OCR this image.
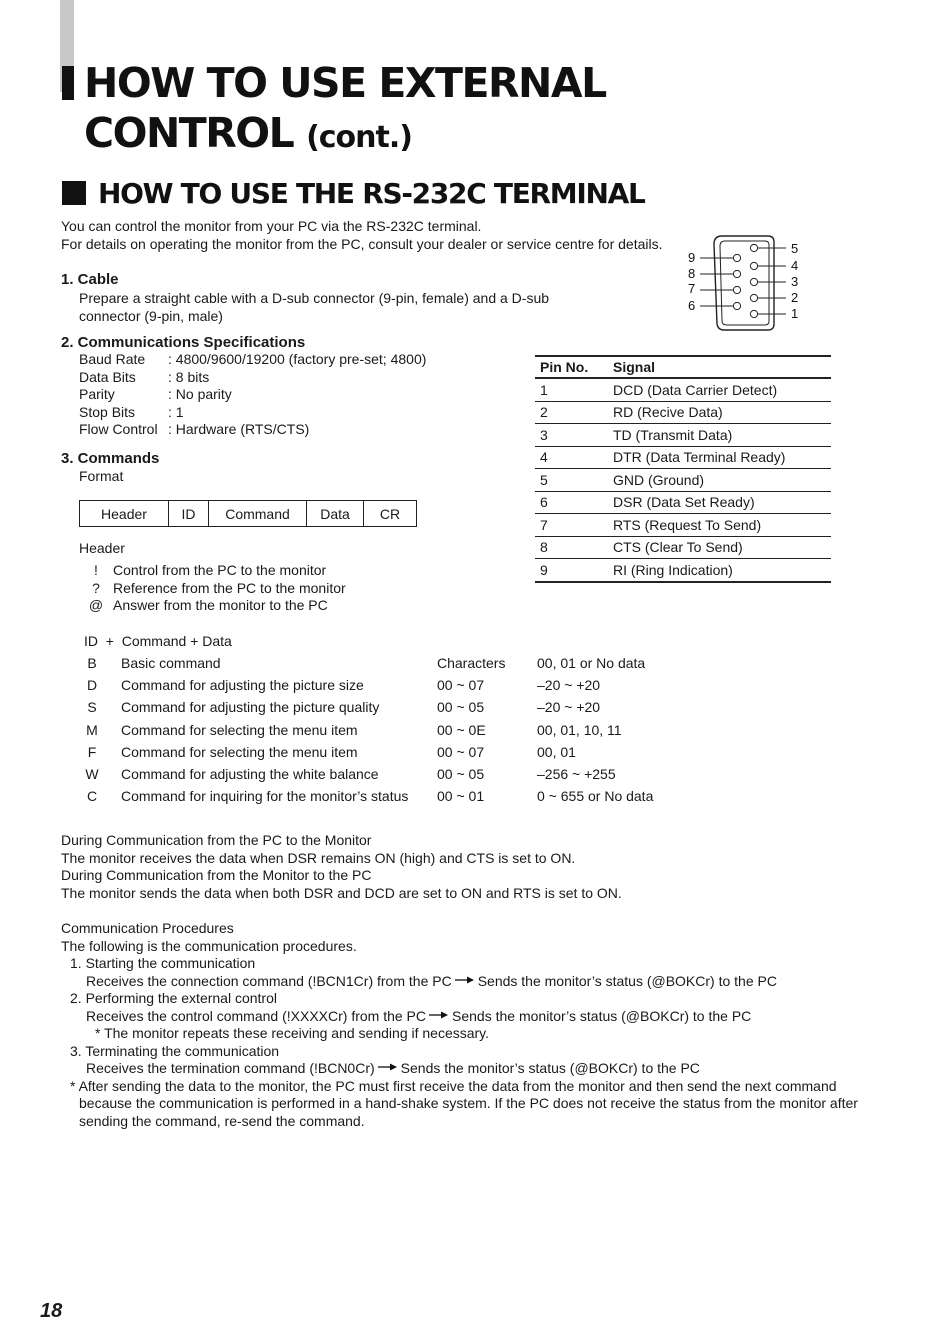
HOW TO USE EXTERNAL
CONTROL (cont.)
HOW TO USE THE RS-232C TERMINAL
You can control the monitor from your PC via the RS-232C terminal.
For details on operating the monitor from the PC, consult your dealer or service centre for details.
1. Cable
Prepare a straight cable with a D-sub connector (9-pin, female) and a D-sub
connector (9-pin, male)
2. Communications Specifications
Baud Rate	: 4800/9600/19200 (factory pre-set; 4800)
Data Bits	: 8 bits
Parity	: No parity
Stop Bits	: 1
Flow Control	: Hardware (RTS/CTS)
3. Commands
Format
Header	ID	Command	Data	CR
Header
! Control from the PC to the monitor
? Reference from the PC to the monitor
@ Answer from the monitor to the PC
9
8
7
6
5
4
3
2
1
Pin No.	Signal
1	DCD (Data Carrier Detect)
2	RD (Recive Data)
3	TD (Transmit Data)
4	DTR (Data Terminal Ready)
5	GND (Ground)
6	DSR (Data Set Ready)
7	RTS (Request To Send)
8	CTS (Clear To Send)
9	RI (Ring Indication)
ID  +  Command + Data
B		Basic command	Characters	00, 01 or No data
D		Command for adjusting the picture size	00 ~ 07	–20 ~ +20
S		Command for adjusting the picture quality	00 ~ 05	–20 ~ +20
M		Command for selecting the menu item	00 ~ 0E	00, 01, 10, 11
F		Command for selecting the menu item	00 ~ 07	00, 01
W		Command for adjusting the white balance	00 ~ 05	–256 ~ +255
C		Command for inquiring for the monitor’s status	00 ~ 01	0 ~ 655 or No data
During Communication from the PC to the Monitor
The monitor receives the data when DSR remains ON (high) and CTS is set to ON.
During Communication from the Monitor to the PC
The monitor sends the data when both DSR and DCD are set to ON and RTS is set to ON.
Communication Procedures
The following is the communication procedures.
1. Starting the communication
Receives the connection command (!BCN1Cr) from the PC Sends the monitor’s status (@BOKCr) to the PC
2. Performing the external control
Receives the control command (!XXXXCr) from the PC Sends the monitor’s status (@BOKCr) to the PC
* The monitor repeats these receiving and sending if necessary.
3. Terminating the communication
Receives the termination command (!BCN0Cr) Sends the monitor’s status (@BOKCr) to the PC
* After sending the data to the monitor, the PC must first receive the data from the monitor and then send the next command
because the communication is performed in a hand-shake system. If the PC does not receive the status from the monitor after
sending the command, re-send the command.
18
